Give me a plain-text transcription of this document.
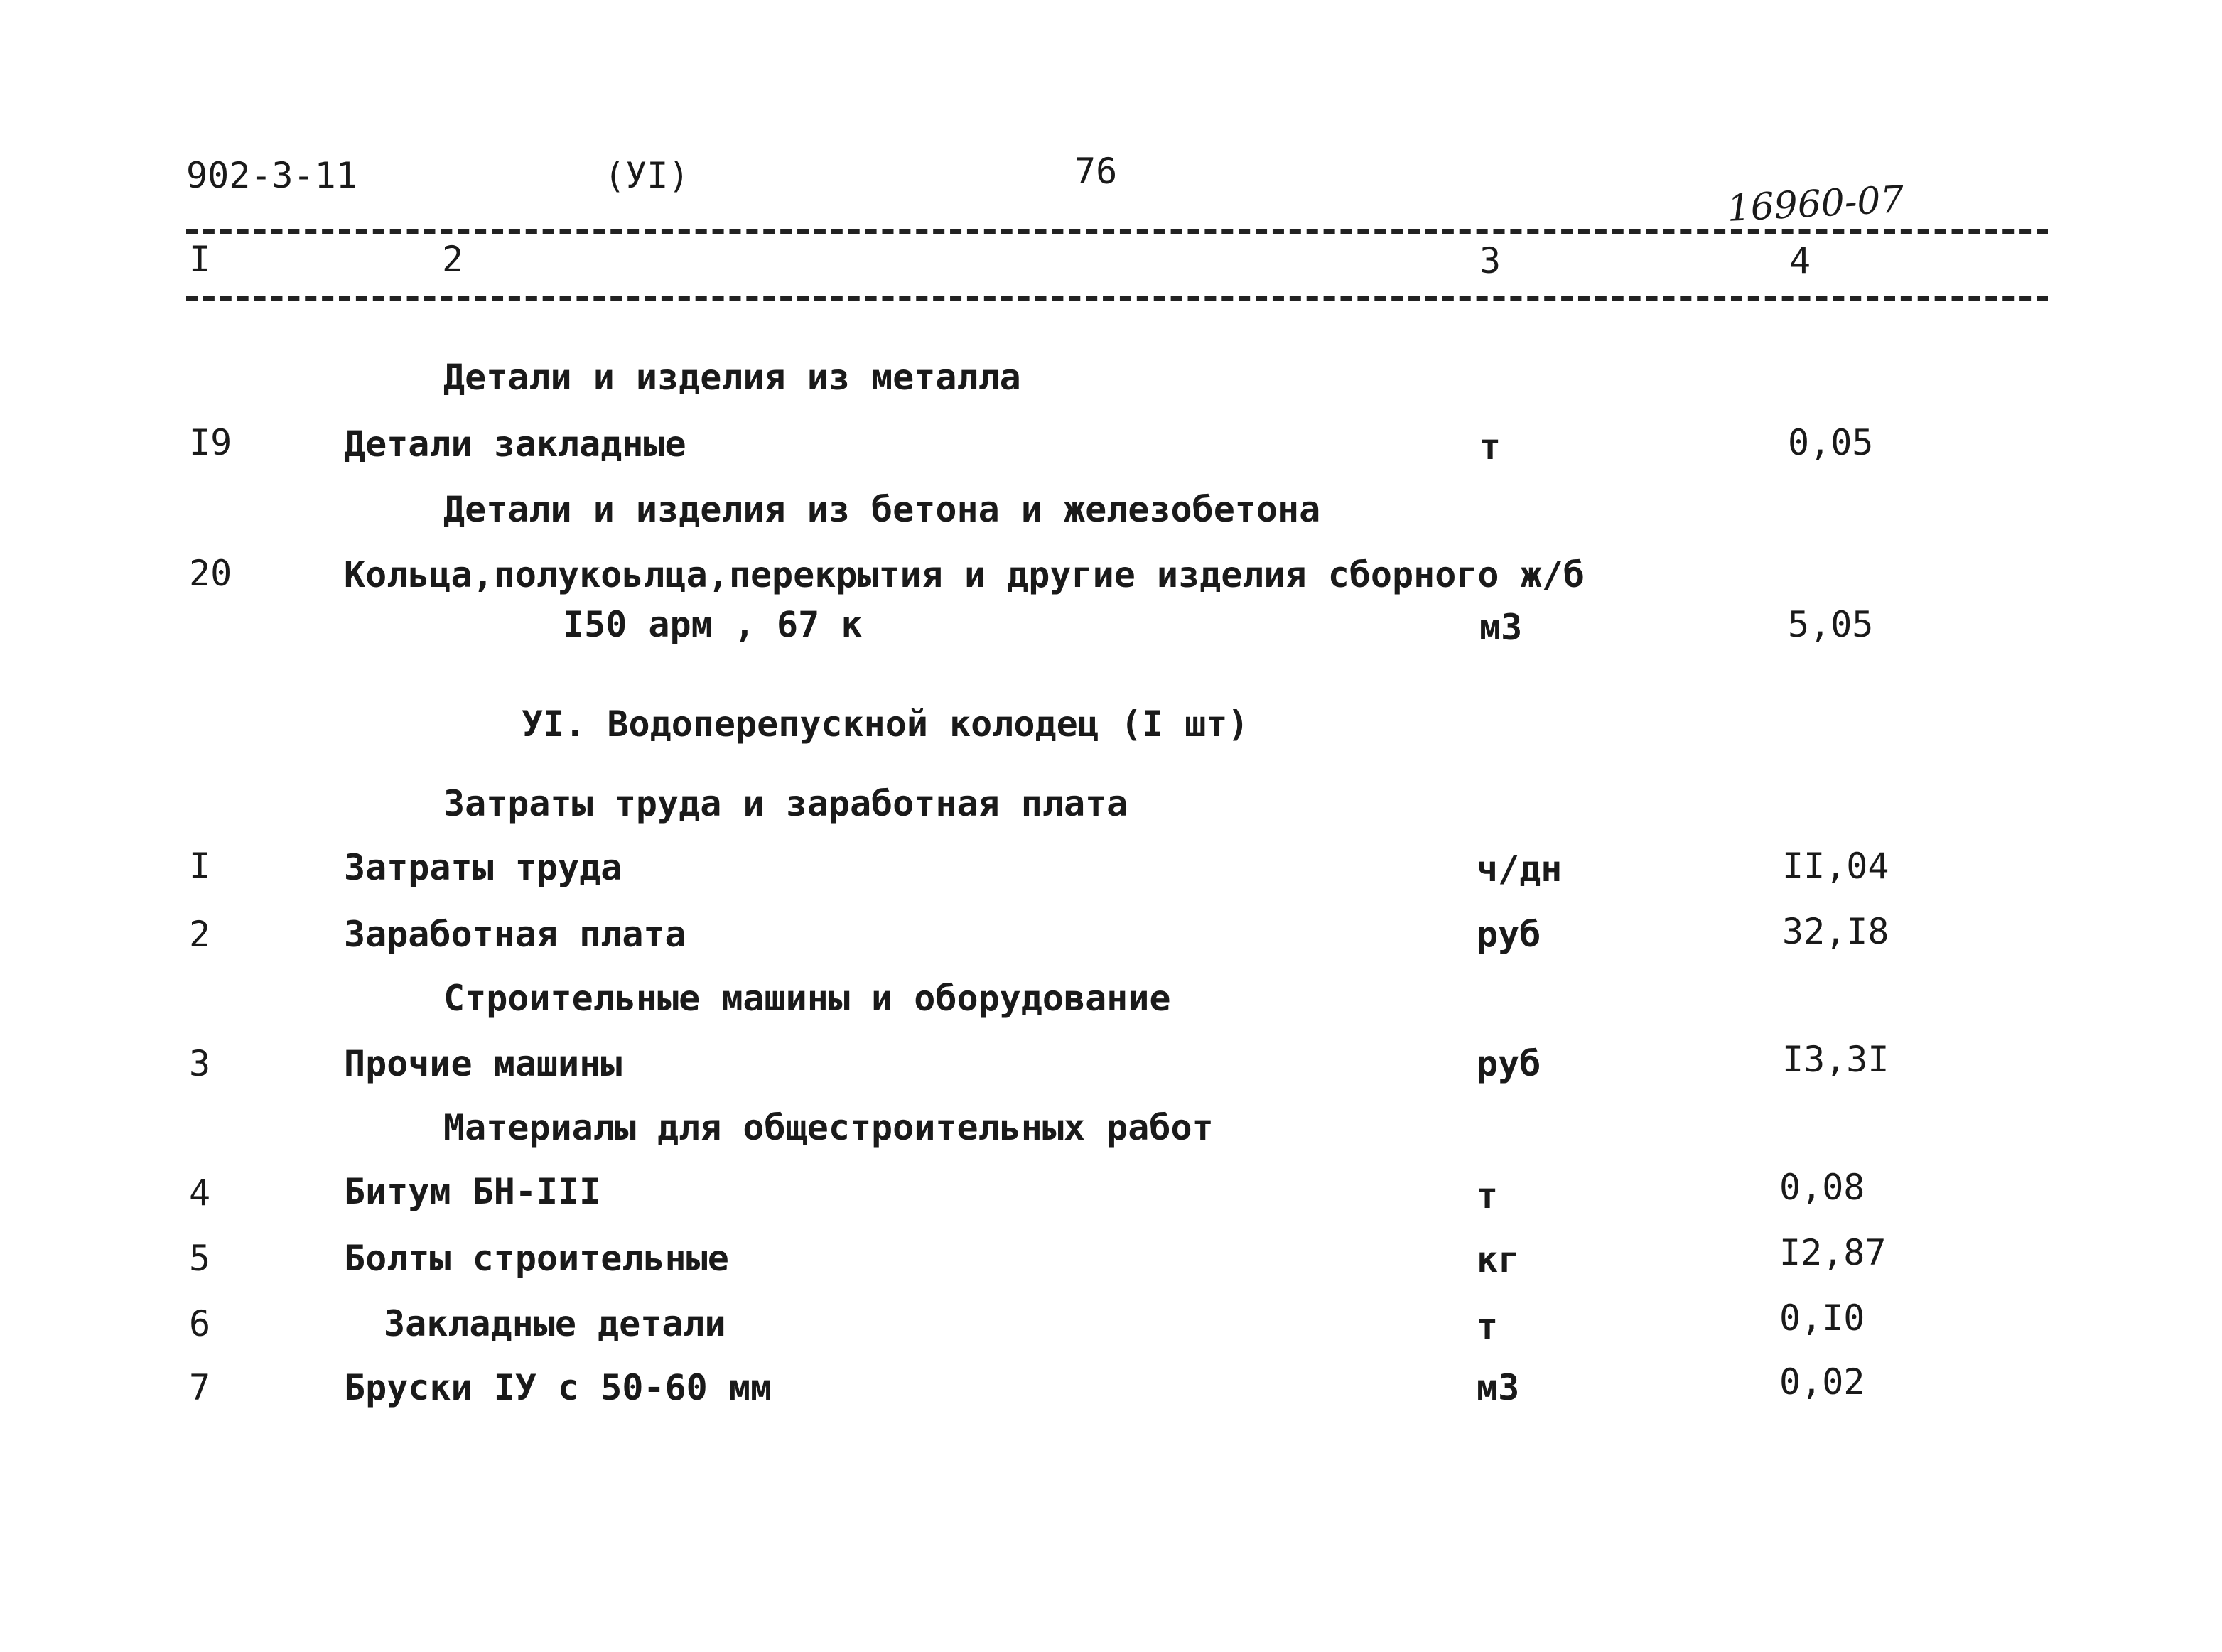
902-3-11	(УI)	76
16960-07
I	2	3	4
Детали и изделия из металла
I9	Детали закладные	т	0,05
Детали и изделия из бетона и железобетона
20	Кольца,полукоьлца,перекрытия и другие изделия сборного ж/б
I50 арм , 67 к	м3	5,05
УI. Водоперепускной колодец (I шт)
Затраты труда и заработная плата
I	Затраты труда	ч/дн	II,04
2	Заработная плата	руб	32,I8
Строительные машины и оборудование
3	Прочие машины	руб	I3,3I
Материалы для общестроительных работ
4	Битум БН-III	т	0,08
5	Болты строительные	кг	I2,87
6	Закладные детали	т	0,I0
7	Бруски IУ с 50-60 мм	м3	0,02
